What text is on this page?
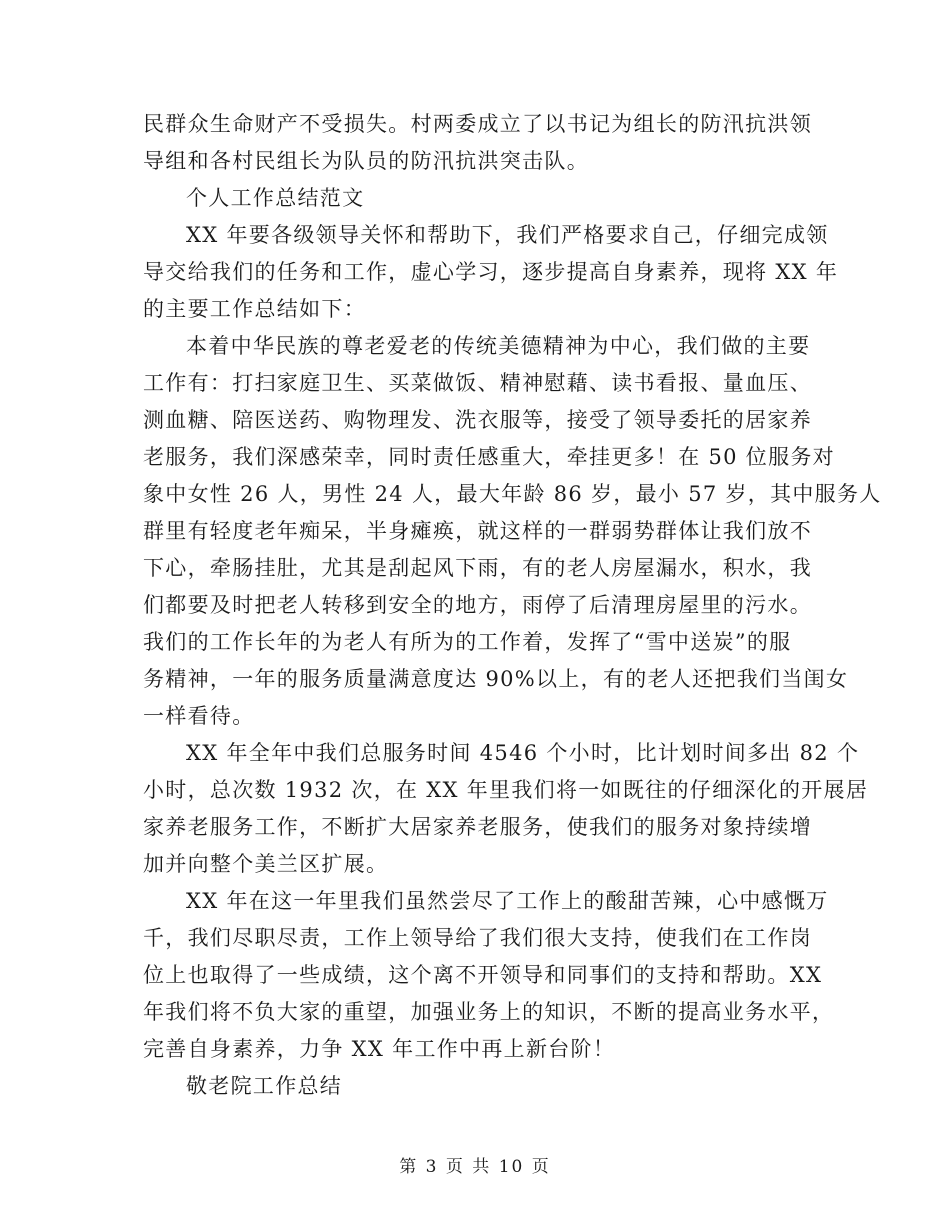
民群众生命财产不受损失。村两委成立了以书记为组长的防汛抗洪领
导组和各村民组长为队员的防汛抗洪突击队。
个人工作总结范文
XX 年要各级领导关怀和帮助下，我们严格要求自己，仔细完成领
导交给我们的任务和工作，虚心学习，逐步提高自身素养，现将 XX 年
的主要工作总结如下：
本着中华民族的尊老爱老的传统美德精神为中心，我们做的主要
工作有：打扫家庭卫生、买菜做饭、精神慰藉、读书看报、量血压、
测血糖、陪医送药、购物理发、洗衣服等，接受了领导委托的居家养
老服务，我们深感荣幸，同时责任感重大，牵挂更多！在 50 位服务对
象中女性 26 人，男性 24 人，最大年龄 86 岁，最小 57 岁，其中服务人
群里有轻度老年痴呆，半身瘫痪，就这样的一群弱势群体让我们放不
下心，牵肠挂肚，尤其是刮起风下雨，有的老人房屋漏水，积水，我
们都要及时把老人转移到安全的地方，雨停了后清理房屋里的污水。
我们的工作长年的为老人有所为的工作着，发挥了“雪中送炭”的服
务精神，一年的服务质量满意度达 90%以上，有的老人还把我们当闺女
一样看待。
XX 年全年中我们总服务时间 4546 个小时，比计划时间多出 82 个
小时，总次数 1932 次，在 XX 年里我们将一如既往的仔细深化的开展居
家养老服务工作，不断扩大居家养老服务，使我们的服务对象持续增
加并向整个美兰区扩展。
XX 年在这一年里我们虽然尝尽了工作上的酸甜苦辣，心中感慨万
千，我们尽职尽责，工作上领导给了我们很大支持，使我们在工作岗
位上也取得了一些成绩，这个离不开领导和同事们的支持和帮助。XX
年我们将不负大家的重望，加强业务上的知识，不断的提高业务水平，
完善自身素养，力争 XX 年工作中再上新台阶！
敬老院工作总结
第 3 页 共 10 页
